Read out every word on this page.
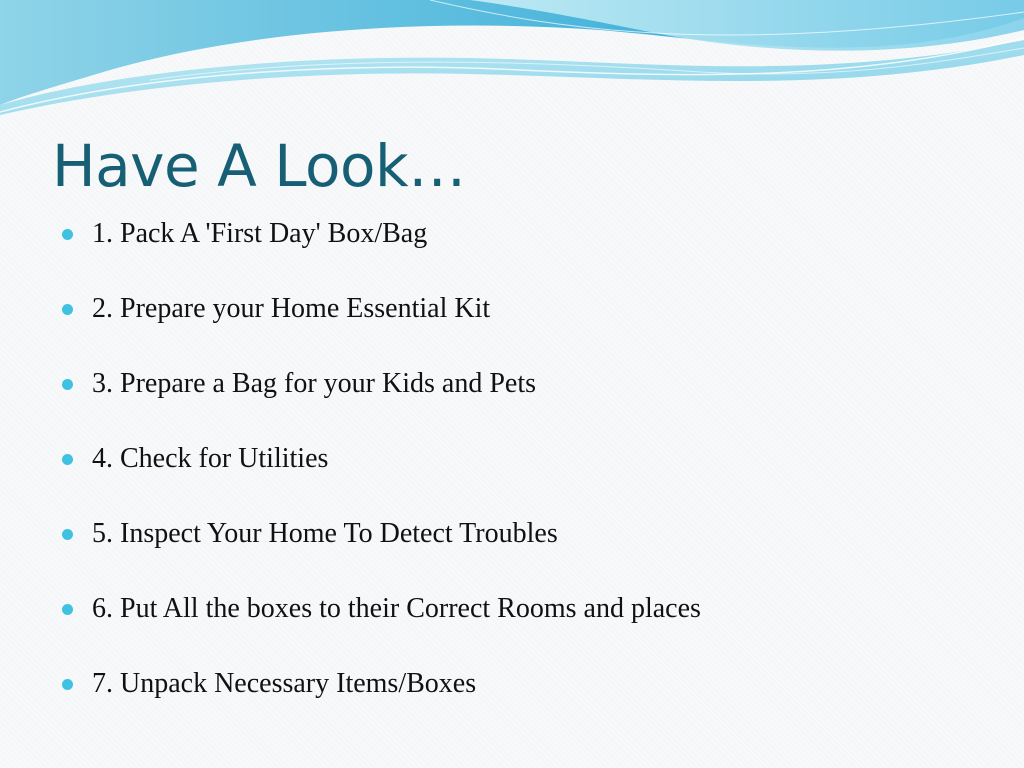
Have A Look…
1. Pack A 'First Day' Box/Bag
2. Prepare your Home Essential Kit
3. Prepare a Bag for your Kids and Pets
4. Check for Utilities
5. Inspect Your Home To Detect Troubles
6. Put All the boxes to their Correct Rooms and places
7. Unpack Necessary Items/Boxes
